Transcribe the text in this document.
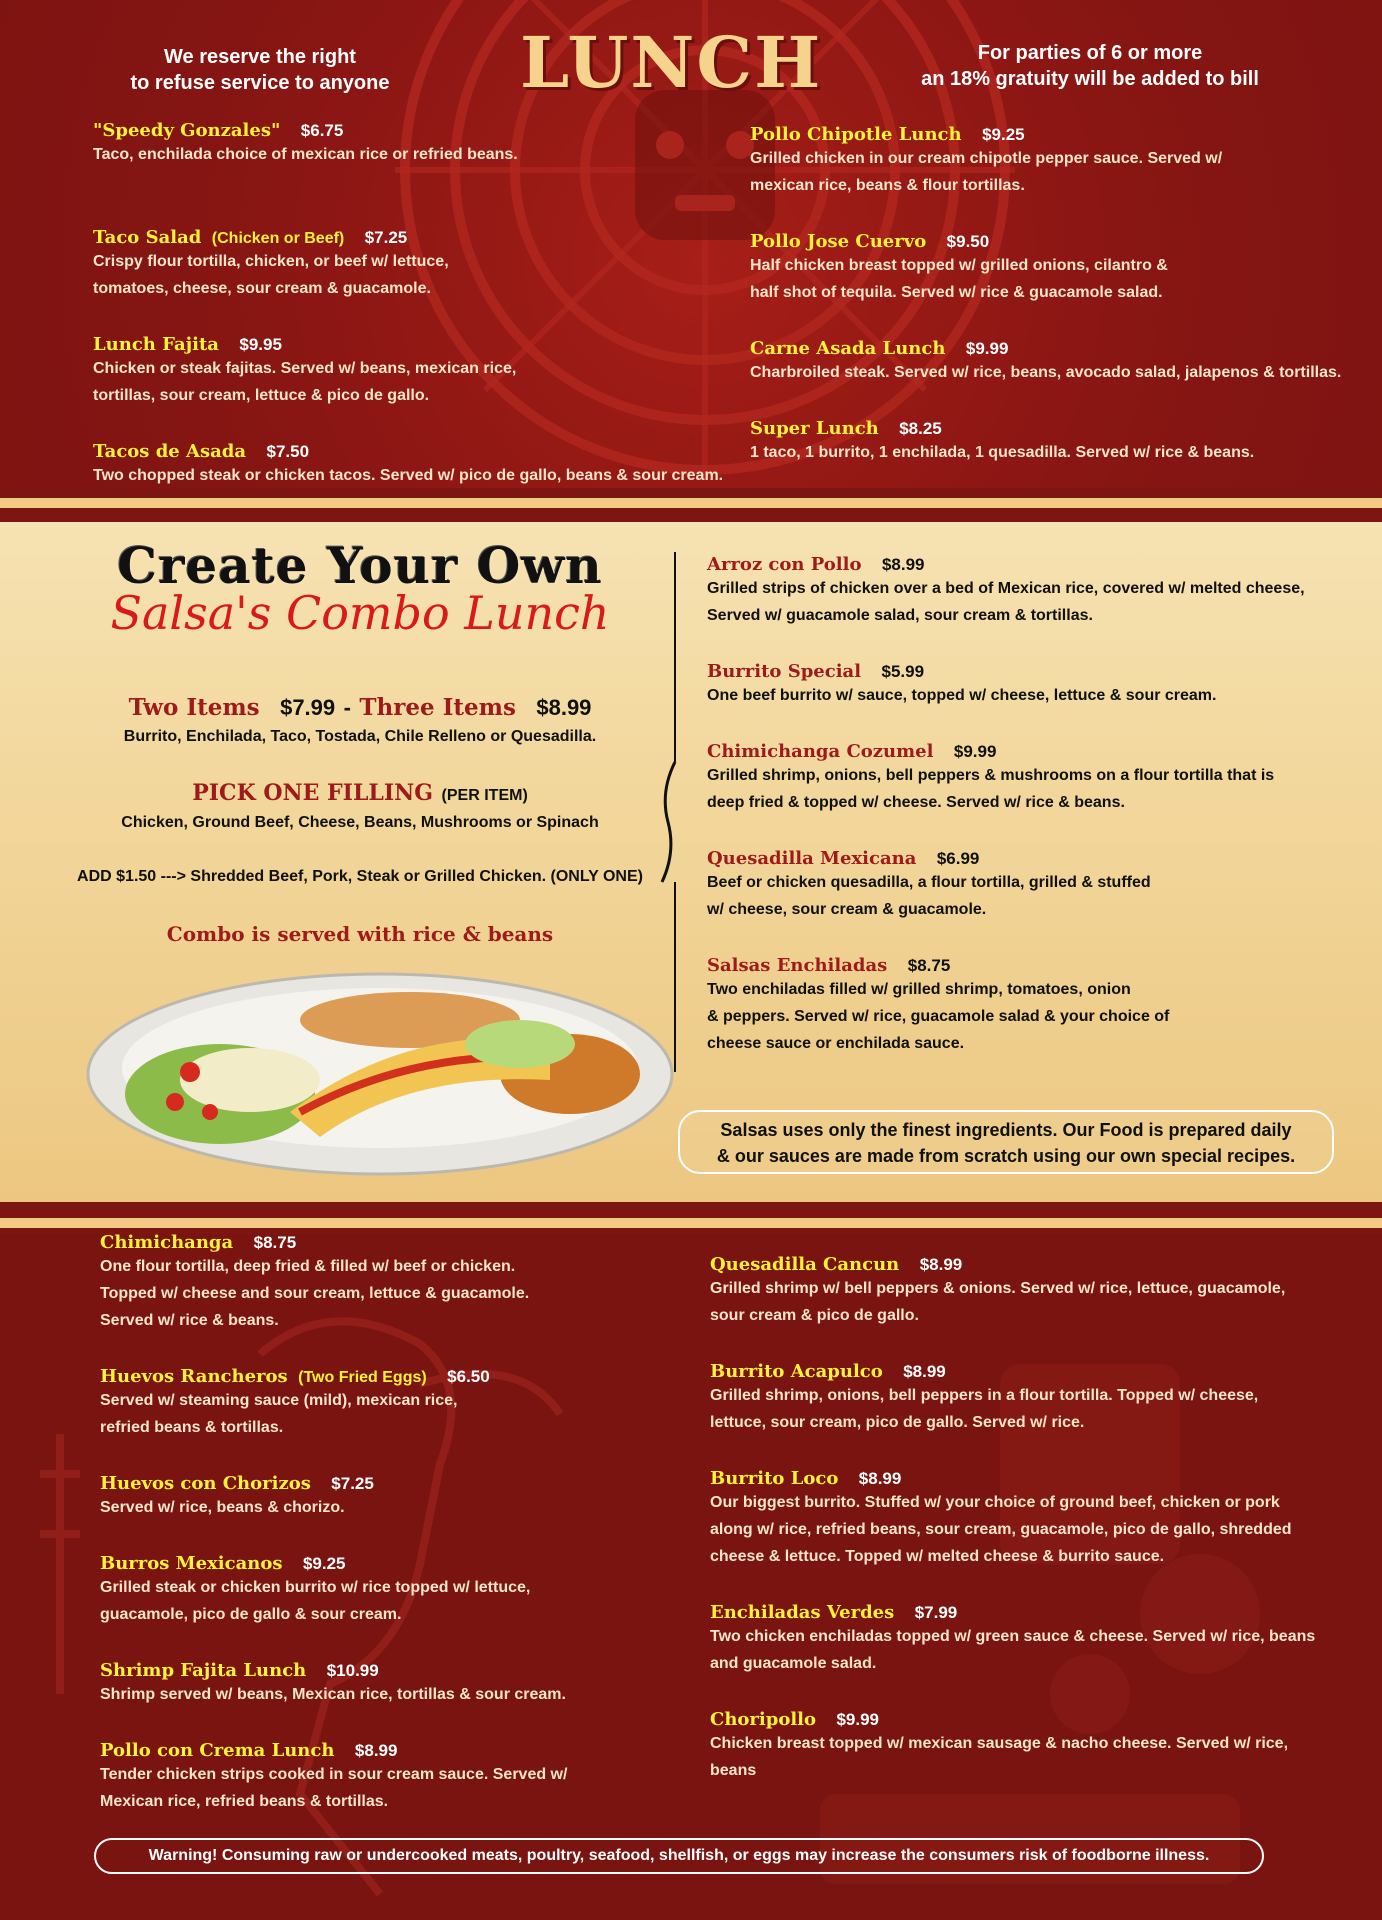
We reserve the right
to refuse service to anyone	LUNCH	For parties of 6 or more
an 18% gratuity will be added to bill
"Speedy Gonzales" $6.75
Taco, enchilada choice of mexican rice or refried beans.
Taco Salad (Chicken or Beef) $7.25
Crispy flour tortilla, chicken, or beef w/ lettuce,
tomatoes, cheese, sour cream & guacamole.
Lunch Fajita $9.95
Chicken or steak fajitas. Served w/ beans, mexican rice,
tortillas, sour cream, lettuce & pico de gallo.
Tacos de Asada $7.50
Two chopped steak or chicken tacos. Served w/ pico de gallo, beans & sour cream.
Pollo Chipotle Lunch $9.25
Grilled chicken in our cream chipotle pepper sauce. Served w/
mexican rice, beans & flour tortillas.
Pollo Jose Cuervo $9.50
Half chicken breast topped w/ grilled onions, cilantro &
half shot of tequila. Served w/ rice & guacamole salad.
Carne Asada Lunch $9.99
Charbroiled steak. Served w/ rice, beans, avocado salad, jalapenos & tortillas.
Super Lunch $8.25
1 taco, 1 burrito, 1 enchilada, 1 quesadilla. Served w/ rice & beans.
Create Your Own
Salsa's Combo Lunch
Two Items $7.99 - Three Items $8.99
Burrito, Enchilada, Taco, Tostada, Chile Relleno or Quesadilla.
PICK ONE FILLING (PER ITEM)
Chicken, Ground Beef, Cheese, Beans, Mushrooms or Spinach
ADD $1.50 ---> Shredded Beef, Pork, Steak or Grilled Chicken. (ONLY ONE)
Combo is served with rice & beans
Arroz con Pollo $8.99
Grilled strips of chicken over a bed of Mexican rice, covered w/ melted cheese,
Served w/ guacamole salad, sour cream & tortillas.
Burrito Special $5.99
One beef burrito w/ sauce, topped w/ cheese, lettuce & sour cream.
Chimichanga Cozumel $9.99
Grilled shrimp, onions, bell peppers & mushrooms on a flour tortilla that is
deep fried & topped w/ cheese. Served w/ rice & beans.
Quesadilla Mexicana $6.99
Beef or chicken quesadilla, a flour tortilla, grilled & stuffed
w/ cheese, sour cream & guacamole.
Salsas Enchiladas $8.75
Two enchiladas filled w/ grilled shrimp, tomatoes, onion
& peppers. Served w/ rice, guacamole salad & your choice of
cheese sauce or enchilada sauce.
Salsas uses only the finest ingredients. Our Food is prepared daily
& our sauces are made from scratch using our own special recipes.
Chimichanga $8.75
One flour tortilla, deep fried & filled w/ beef or chicken.
Topped w/ cheese and sour cream, lettuce & guacamole.
Served w/ rice & beans.
Huevos Rancheros (Two Fried Eggs) $6.50
Served w/ steaming sauce (mild), mexican rice,
refried beans & tortillas.
Huevos con Chorizos $7.25
Served w/ rice, beans & chorizo.
Burros Mexicanos $9.25
Grilled steak or chicken burrito w/ rice topped w/ lettuce,
guacamole, pico de gallo & sour cream.
Shrimp Fajita Lunch $10.99
Shrimp served w/ beans, Mexican rice, tortillas & sour cream.
Pollo con Crema Lunch $8.99
Tender chicken strips cooked in sour cream sauce. Served w/
Mexican rice, refried beans & tortillas.
Quesadilla Cancun $8.99
Grilled shrimp w/ bell peppers & onions. Served w/ rice, lettuce, guacamole,
sour cream & pico de gallo.
Burrito Acapulco $8.99
Grilled shrimp, onions, bell peppers in a flour tortilla. Topped w/ cheese,
lettuce, sour cream, pico de gallo. Served w/ rice.
Burrito Loco $8.99
Our biggest burrito. Stuffed w/ your choice of ground beef, chicken or pork
along w/ rice, refried beans, sour cream, guacamole, pico de gallo, shredded
cheese & lettuce. Topped w/ melted cheese & burrito sauce.
Enchiladas Verdes $7.99
Two chicken enchiladas topped w/ green sauce & cheese. Served w/ rice, beans
and guacamole salad.
Choripollo $9.99
Chicken breast topped w/ mexican sausage & nacho cheese. Served w/ rice,
beans
Warning! Consuming raw or undercooked meats, poultry, seafood, shellfish, or eggs may increase the consumers risk of foodborne illness.
